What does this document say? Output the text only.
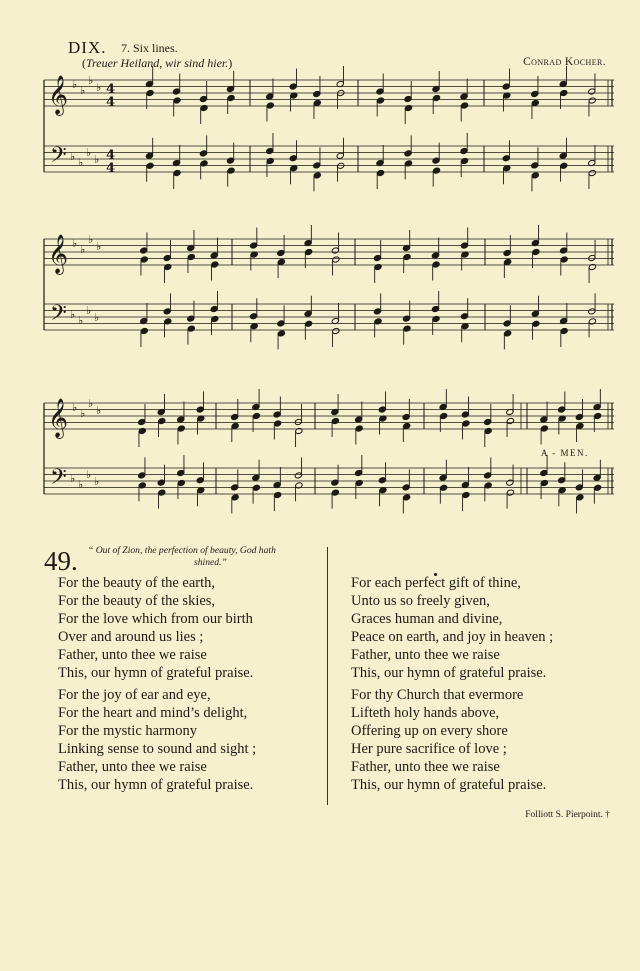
DIX. 7. Six lines.
(Treuer Heiland, wir sind hier.)	Conrad Kocher.
𝄞
𝄢
♭ ♭
♭
♭
♭ ♭
♭
♭
4
4
4
4
𝄞
𝄢
♭ ♭
♭
♭
♭ ♭
♭
♭
𝄞
𝄢
♭ ♭
♭
♭
♭ ♭
♭
♭
A - MEN.
49. “ Out of Zion, the perfection of beauty, God hath
shined.”
For the beauty of the earth,
For the beauty of the skies,
For the love which from our birth
Over and around us lies ;
Father, unto thee we raise
This, our hymn of grateful praise.
For the joy of ear and eye,
For the heart and mind’s delight,
For the mystic harmony
Linking sense to sound and sight ;
Father, unto thee we raise
This, our hymn of grateful praise.
For each perfect gift of thine,
Unto us so freely given,
Graces human and divine,
Peace on earth, and joy in heaven ;
Father, unto thee we raise
This, our hymn of grateful praise.
For thy Church that evermore
Lifteth holy hands above,
Offering up on every shore
Her pure sacrifice of love ;
Father, unto thee we raise
This, our hymn of grateful praise.
Folliott S. Pierpoint. †
